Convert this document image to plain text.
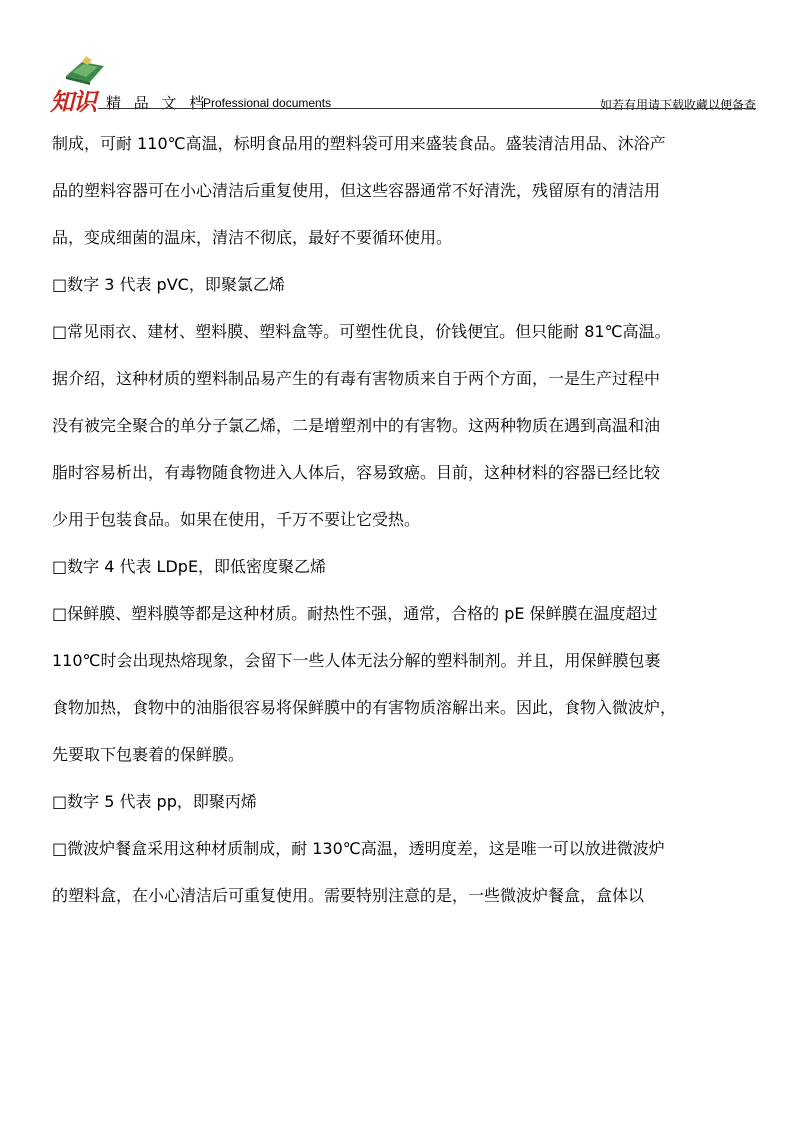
知识 精 品 文 档
Professional documents	如若有用请下载收藏以便备查
制成，可耐 110℃高温，标明食品用的塑料袋可用来盛装食品。盛装清洁用品、沐浴产
品的塑料容器可在小心清洁后重复使用，但这些容器通常不好清洗，残留原有的清洁用
品，变成细菌的温床，清洁不彻底，最好不要循环使用。
□数字 3 代表 pVC，即聚氯乙烯
□常见雨衣、建材、塑料膜、塑料盒等。可塑性优良，价钱便宜。但只能耐 81℃高温。
据介绍，这种材质的塑料制品易产生的有毒有害物质来自于两个方面，一是生产过程中
没有被完全聚合的单分子氯乙烯，二是增塑剂中的有害物。这两种物质在遇到高温和油
脂时容易析出，有毒物随食物进入人体后，容易致癌。目前，这种材料的容器已经比较
少用于包装食品。如果在使用，千万不要让它受热。
□数字 4 代表 LDpE，即低密度聚乙烯
□保鲜膜、塑料膜等都是这种材质。耐热性不强，通常，合格的 pE 保鲜膜在温度超过
110℃时会出现热熔现象，会留下一些人体无法分解的塑料制剂。并且，用保鲜膜包裹
食物加热，食物中的油脂很容易将保鲜膜中的有害物质溶解出来。因此，食物入微波炉，
先要取下包裹着的保鲜膜。
□数字 5 代表 pp，即聚丙烯
□微波炉餐盒采用这种材质制成，耐 130℃高温，透明度差，这是唯一可以放进微波炉
的塑料盒，在小心清洁后可重复使用。需要特别注意的是，一些微波炉餐盒，盒体以
